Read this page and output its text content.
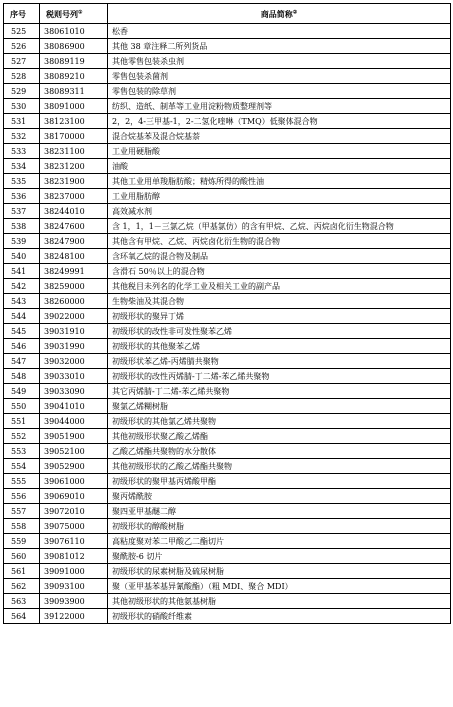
序号	税则号列①	商品简称②
525	38061010	松香
526	38086900	其他 38 章注释二所列货品
527	38089119	其他零售包装杀虫剂
528	38089210	零售包装杀菌剂
529	38089311	零售包装的除草剂
530	38091000	纺织、造纸、制革等工业用淀粉物质整理剂等
531	38123100	2，2，4-三甲基-1，2-二氢化喹啉（TMQ）低聚体混合物
532	38170000	混合烷基苯及混合烷基萘
533	38231100	工业用硬脂酸
534	38231200	油酸
535	38231900	其他工业用单羧脂肪酸；精炼所得的酸性油
536	38237000	工业用脂肪醇
537	38244010	高效减水剂
538	38247600	含 1，1，1－三氯乙烷（甲基氯仿）的含有甲烷、乙烷、丙烷卤化衍生物混合物
539	38247900	其他含有甲烷、乙烷、丙烷卤化衍生物的混合物
540	38248100	含环氧乙烷的混合物及制品
541	38249991	含滑石 50％以上的混合物
542	38259000	其他税目未列名的化学工业及相关工业的副产品
543	38260000	生物柴油及其混合物
544	39022000	初级形状的聚异丁烯
545	39031910	初级形状的改性非可发性聚苯乙烯
546	39031990	初级形状的其他聚苯乙烯
547	39032000	初级形状苯乙烯-丙烯腈共聚物
548	39033010	初级形状的改性丙烯腈-丁二烯-苯乙烯共聚物
549	39033090	其它丙烯腈-丁二烯-苯乙烯共聚物
550	39041010	聚氯乙烯糊树脂
551	39044000	初级形状的其他氯乙烯共聚物
552	39051900	其他初级形状聚乙酸乙烯酯
553	39052100	乙酸乙烯酯共聚物的水分散体
554	39052900	其他初级形状的乙酸乙烯酯共聚物
555	39061000	初级形状的聚甲基丙烯酸甲酯
556	39069010	聚丙烯酰胺
557	39072010	聚四亚甲基醚二醇
558	39075000	初级形状的醇酸树脂
559	39076110	高粘度聚对苯二甲酸乙二酯切片
560	39081012	聚酰胺-6 切片
561	39091000	初级形状的尿素树脂及硫尿树脂
562	39093100	聚（亚甲基苯基异氰酸酯）（粗 MDI、聚合 MDI）
563	39093900	其他初级形状的其他氨基树脂
564	39122000	初级形状的硝酸纤维素
